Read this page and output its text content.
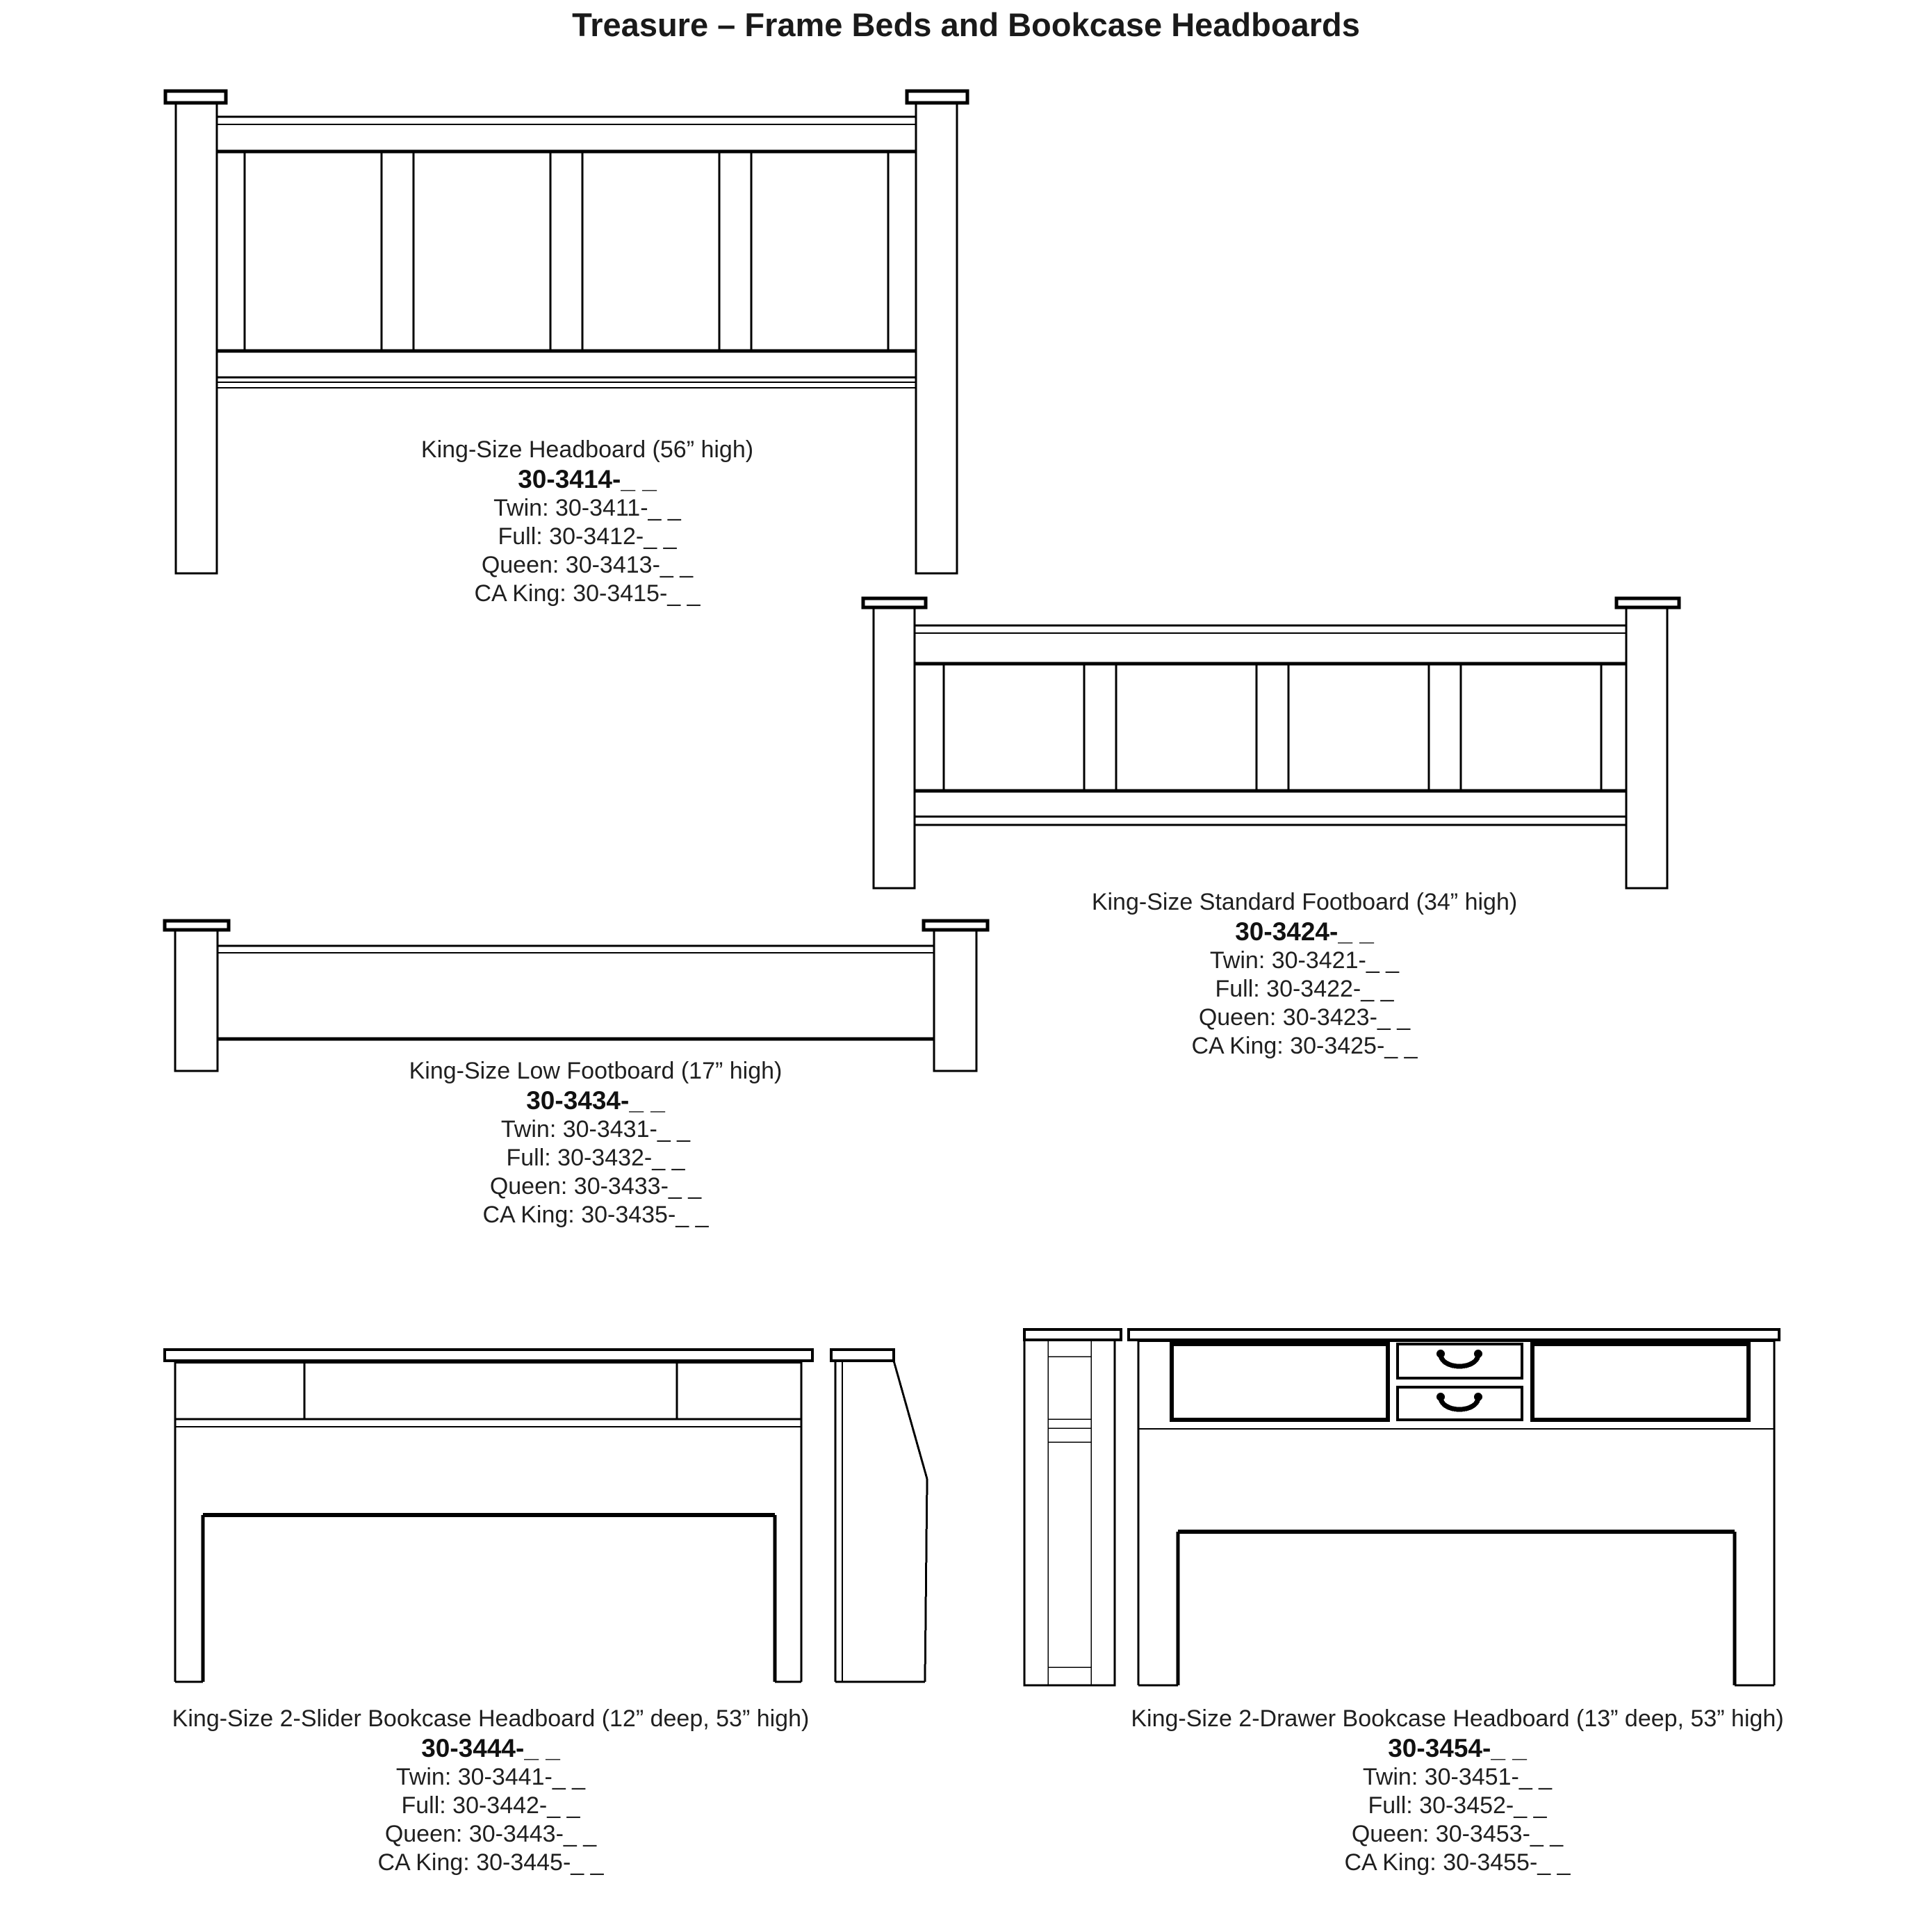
Treasure – Frame Beds and Bookcase Headboards
King-Size Headboard (56” high)
30-3414-_ _
Twin: 30-3411-_ _
Full: 30-3412-_ _
Queen: 30-3413-_ _
CA King: 30-3415-_ _
King-Size Standard Footboard (34” high)
30-3424-_ _
Twin: 30-3421-_ _
Full: 30-3422-_ _
Queen: 30-3423-_ _
CA King: 30-3425-_ _
King-Size Low Footboard (17” high)
30-3434-_ _
Twin: 30-3431-_ _
Full: 30-3432-_ _
Queen: 30-3433-_ _
CA King: 30-3435-_ _
King-Size 2-Slider Bookcase Headboard (12” deep, 53” high)
30-3444-_ _
Twin: 30-3441-_ _
Full: 30-3442-_ _
Queen: 30-3443-_ _
CA King: 30-3445-_ _
King-Size 2-Drawer Bookcase Headboard (13” deep, 53” high)
30-3454-_ _
Twin: 30-3451-_ _
Full: 30-3452-_ _
Queen: 30-3453-_ _
CA King: 30-3455-_ _
